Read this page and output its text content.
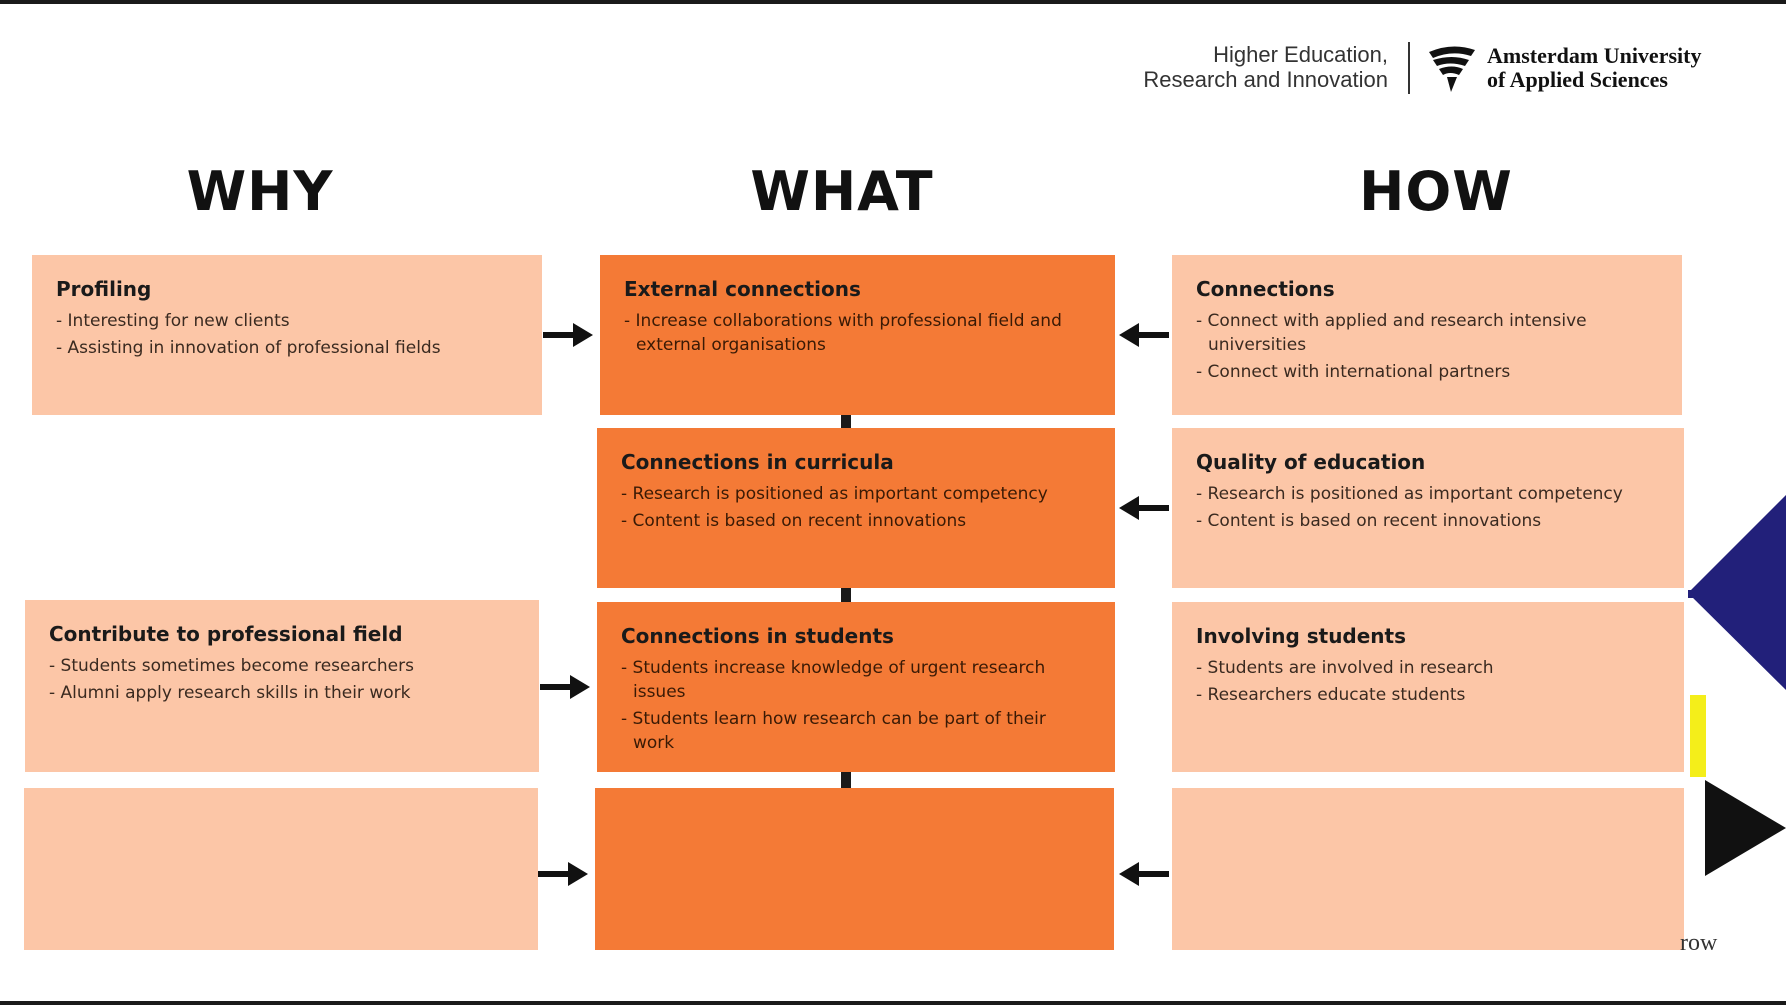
Higher Education,
Research and Innovation
Amsterdam University
of Applied Sciences
WHY	WHAT	HOW
Profiling
- Interesting for new clients
- Assisting in innovation of professional fields
Contribute to professional field
- Students sometimes become researchers
- Alumni apply research skills in their work
External connections
- Increase collaborations with professional field and external organisations
Connections in curricula
- Research is positioned as important competency
- Content is based on recent innovations
Connections in students
- Students increase knowledge of urgent research issues
- Students learn how research can be part of their work
Connections
- Connect with applied and research intensive universities
- Connect with international partners
Quality of education
- Research is positioned as important competency
- Content is based on recent innovations
Involving students
- Students are involved in research
- Researchers educate students
row
